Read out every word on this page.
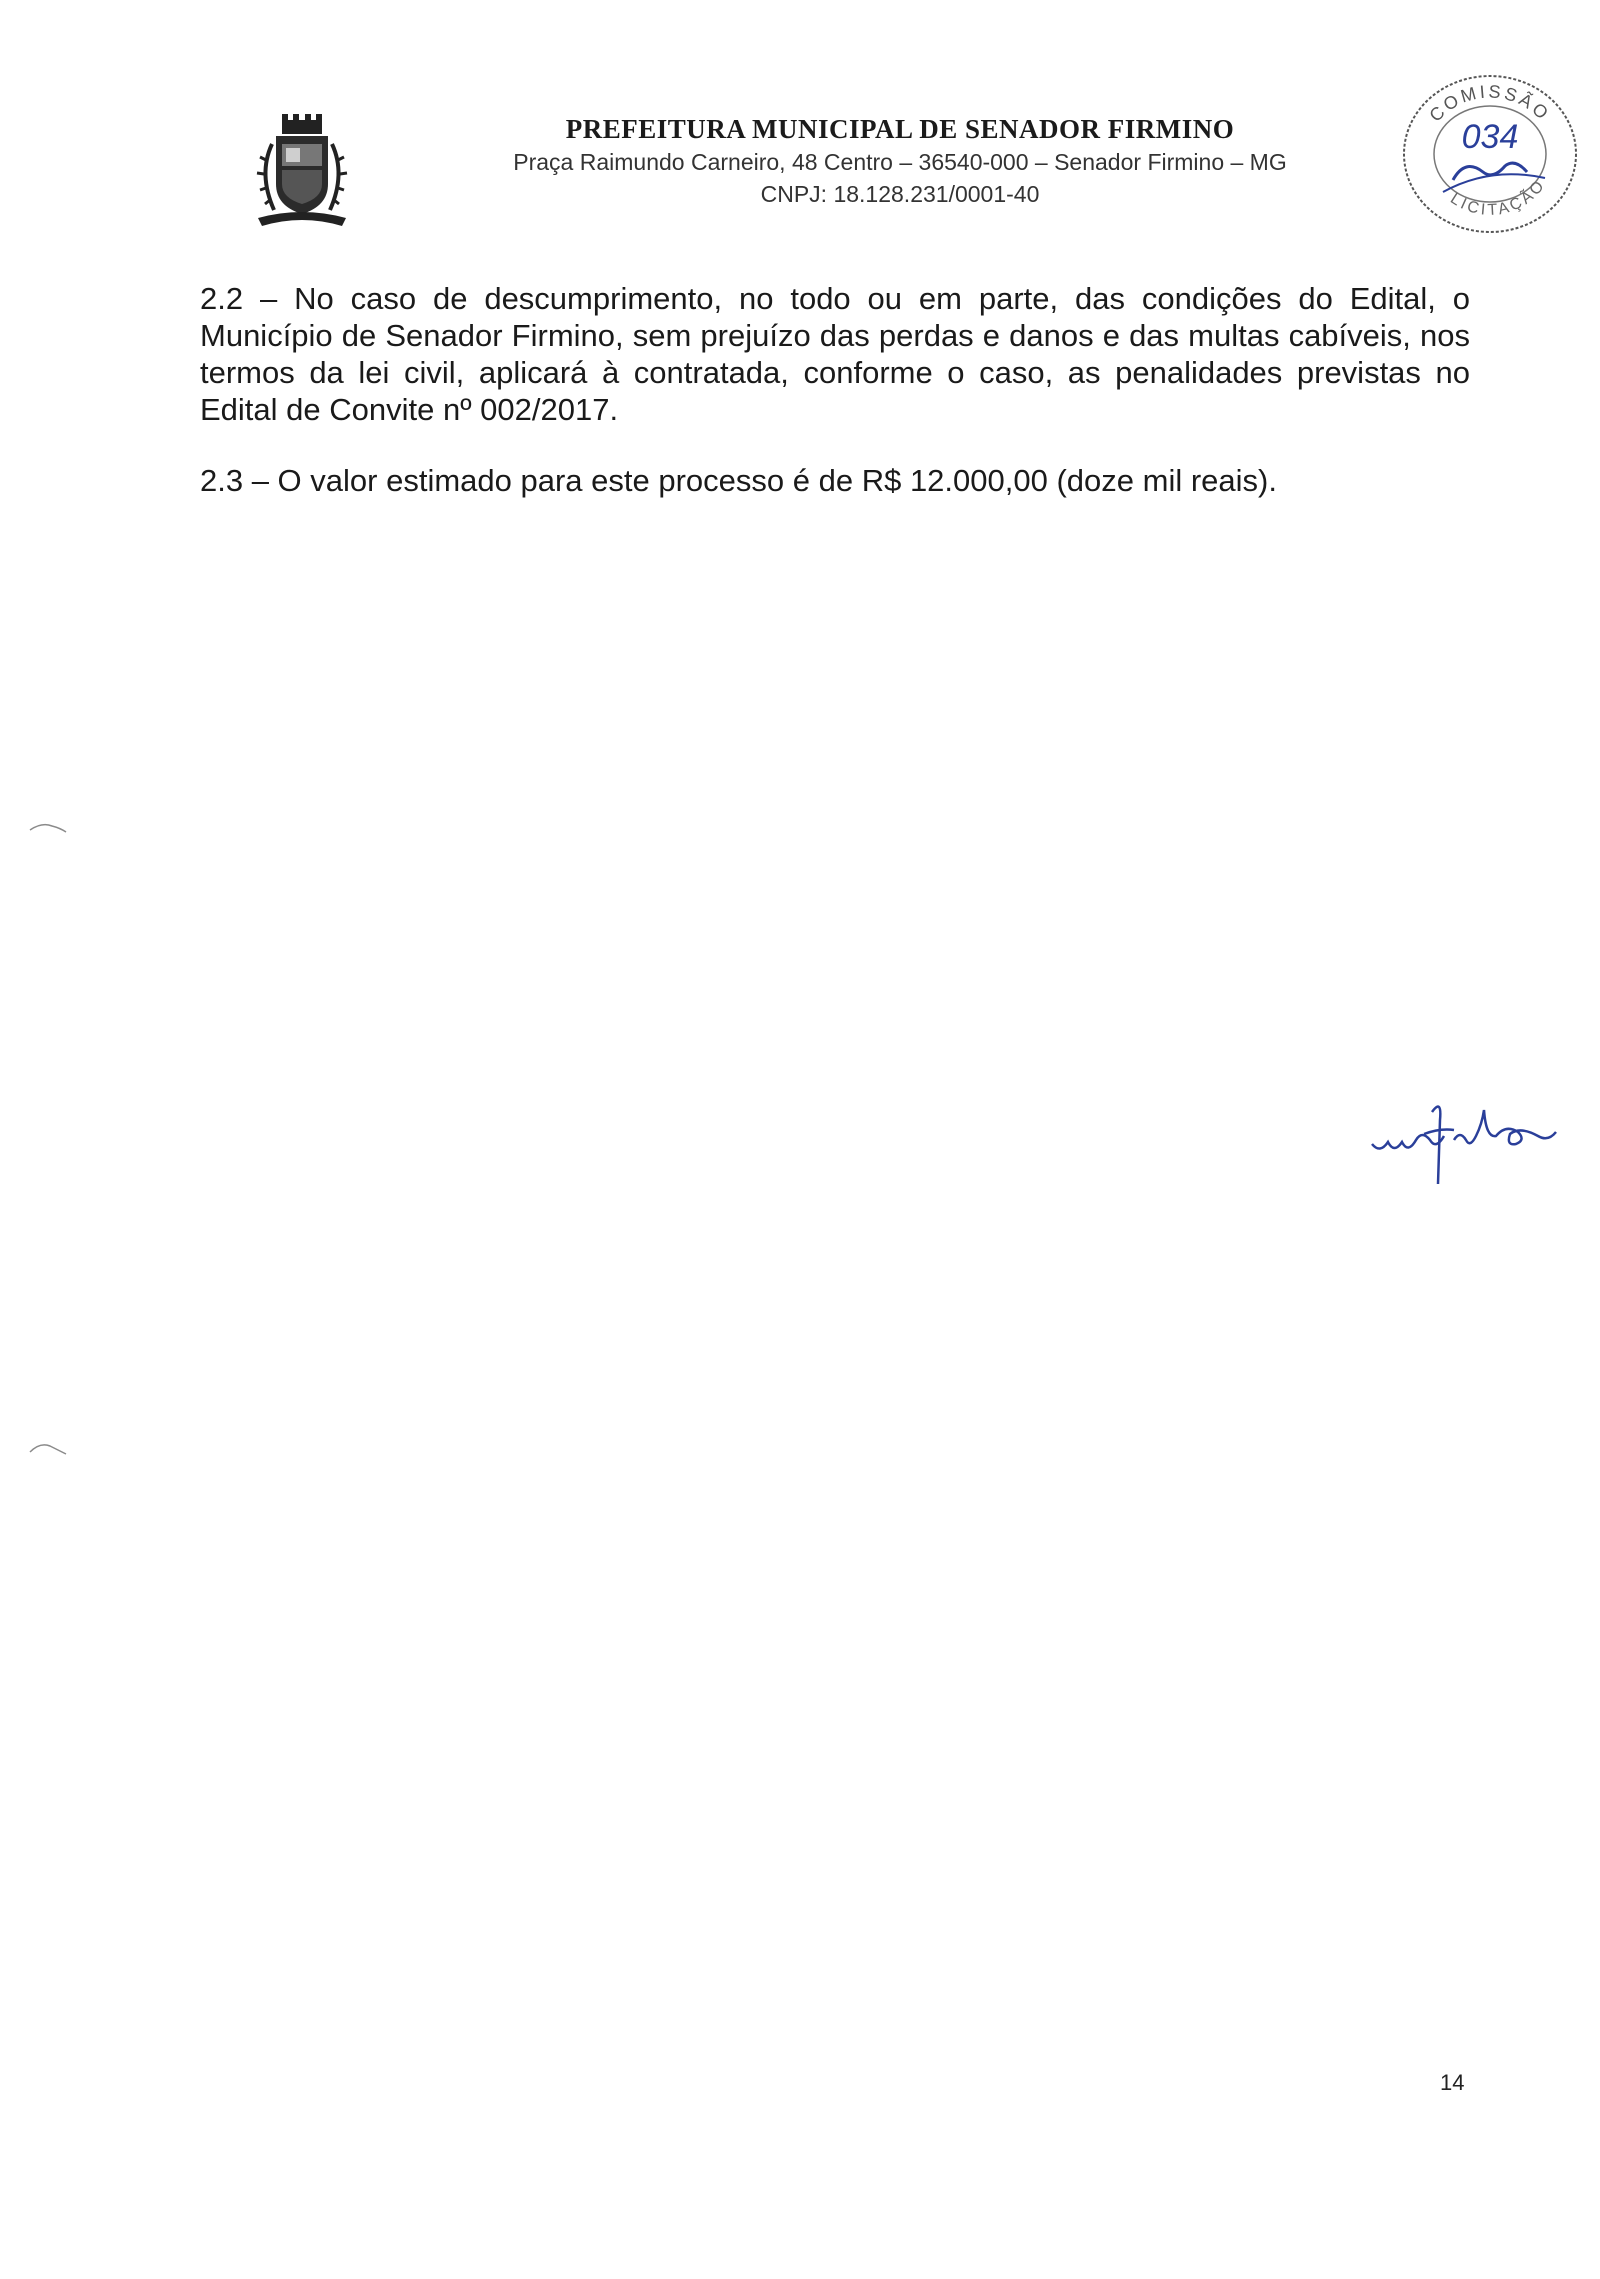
PREFEITURA MUNICIPAL DE SENADOR FIRMINO
Praça Raimundo Carneiro, 48 Centro – 36540-000 – Senador Firmino – MG
CNPJ: 18.128.231/0001-40
COMISSÃO
LICITAÇÃO
034

2.2 – No caso de descumprimento, no todo ou em parte, das condições do Edital, o Município de Senador Firmino, sem prejuízo das perdas e danos e das multas cabíveis, nos termos da lei civil, aplicará à contratada, conforme o caso, as penalidades previstas no Edital de Convite nº 002/2017.

2.3 – O valor estimado para este processo é de R$ 12.000,00 (doze mil reais).

14
